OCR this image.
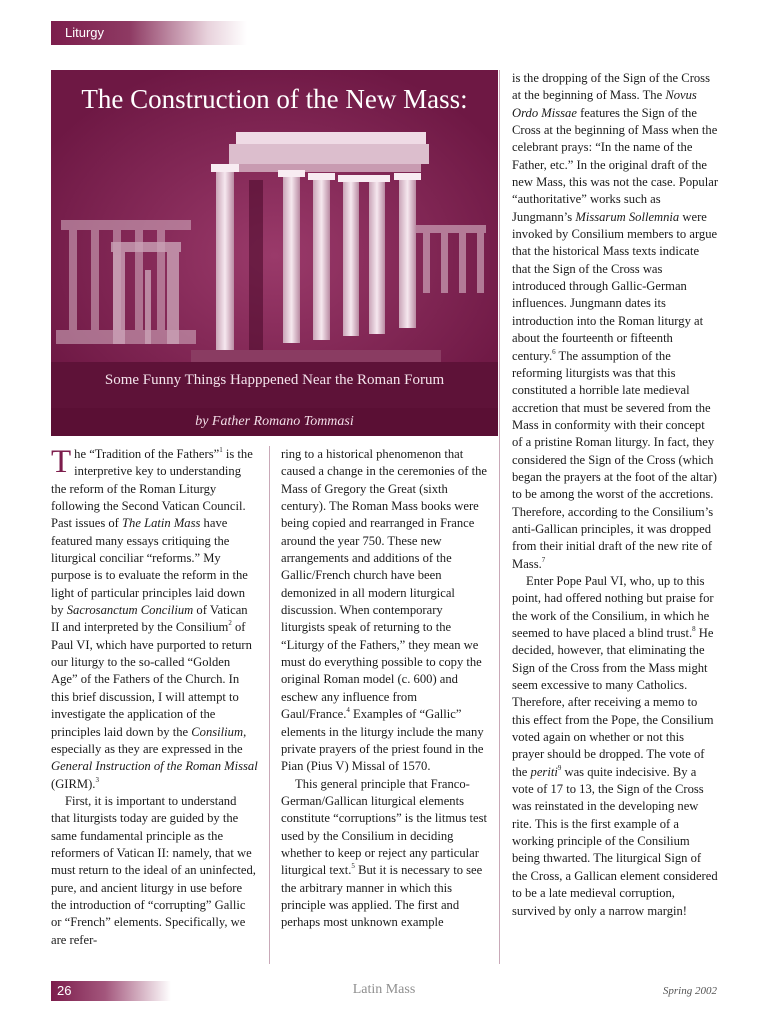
Liturgy
The Construction of the New Mass:
Some Funny Things Happpened Near the Roman Forum
by Father Romano Tommasi

The “Tradition of the Fathers”$^1$ is the interpretive key to understanding the reform of the Roman Liturgy following the Second Vatican Council. Past issues of The Latin Mass have featured many essays critiquing the liturgical conciliar “reforms.” My purpose is to evaluate the reform in the light of particular principles laid down by Sacrosanctum Concilium of Vatican II and interpreted by the Consilium$^2$ of Paul VI, which have purported to return our liturgy to the so-called “Golden Age” of the Fathers of the Church. In this brief discussion, I will attempt to investigate the application of the principles laid down by the Consilium, especially as they are expressed in the General Instruction of the Roman Missal (GIRM).$^3$

First, it is important to understand that liturgists today are guided by the same fundamental principle as the reformers of Vatican II: namely, that we must return to the ideal of an uninfected, pure, and ancient liturgy in use before the introduction of “corrupting” Gallic or “French” elements. Specifically, we are refer-

ring to a historical phenomenon that caused a change in the ceremonies of the Mass of Gregory the Great (sixth century). The Roman Mass books were being copied and rearranged in France around the year 750. These new arrangements and additions of the Gallic/French church have been demonized in all modern liturgical discussion. When contemporary liturgists speak of returning to the “Liturgy of the Fathers,” they mean we must do everything possible to copy the original Roman model (c. 600) and eschew any influence from Gaul/France.$^4$ Examples of “Gallic” elements in the liturgy include the many private prayers of the priest found in the Pian (Pius V) Missal of 1570.

This general principle that Franco-German/Gallican liturgical elements constitute “corruptions” is the litmus test used by the Consilium in deciding whether to keep or reject any particular liturgical text.$^5$ But it is necessary to see the arbitrary manner in which this principle was applied. The first and perhaps most unknown example

is the dropping of the Sign of the Cross at the beginning of Mass. The Novus Ordo Missae features the Sign of the Cross at the beginning of Mass when the celebrant prays: “In the name of the Father, etc.” In the original draft of the new Mass, this was not the case. Popular “authoritative” works such as Jungmann’s Missarum Sollemnia were invoked by Consilium members to argue that the historical Mass texts indicate that the Sign of the Cross was introduced through Gallic-German influences. Jungmann dates its introduction into the Roman liturgy at about the fourteenth or fifteenth century.$^6$ The assumption of the reforming liturgists was that this constituted a horrible late medieval accretion that must be severed from the Mass in conformity with their concept of a pristine Roman liturgy. In fact, they considered the Sign of the Cross (which began the prayers at the foot of the altar) to be among the worst of the accretions. Therefore, according to the Consilium’s anti-Gallican principles, it was dropped from their initial draft of the new rite of Mass.$^7$

Enter Pope Paul VI, who, up to this point, had offered nothing but praise for the work of the Consilium, in which he seemed to have placed a blind trust.$^8$ He decided, however, that eliminating the Sign of the Cross from the Mass might seem excessive to many Catholics. Therefore, after receiving a memo to this effect from the Pope, the Consilium voted again on whether or not this prayer should be dropped. The vote of the periti$^9$ was quite indecisive. By a vote of 17 to 13, the Sign of the Cross was reinstated in the developing new rite. This is the first example of a working principle of the Consilium being thwarted. The liturgical Sign of the Cross, a Gallican element considered to be a late medieval corruption, survived by only a narrow margin!

26	Latin Mass	Spring 2002
